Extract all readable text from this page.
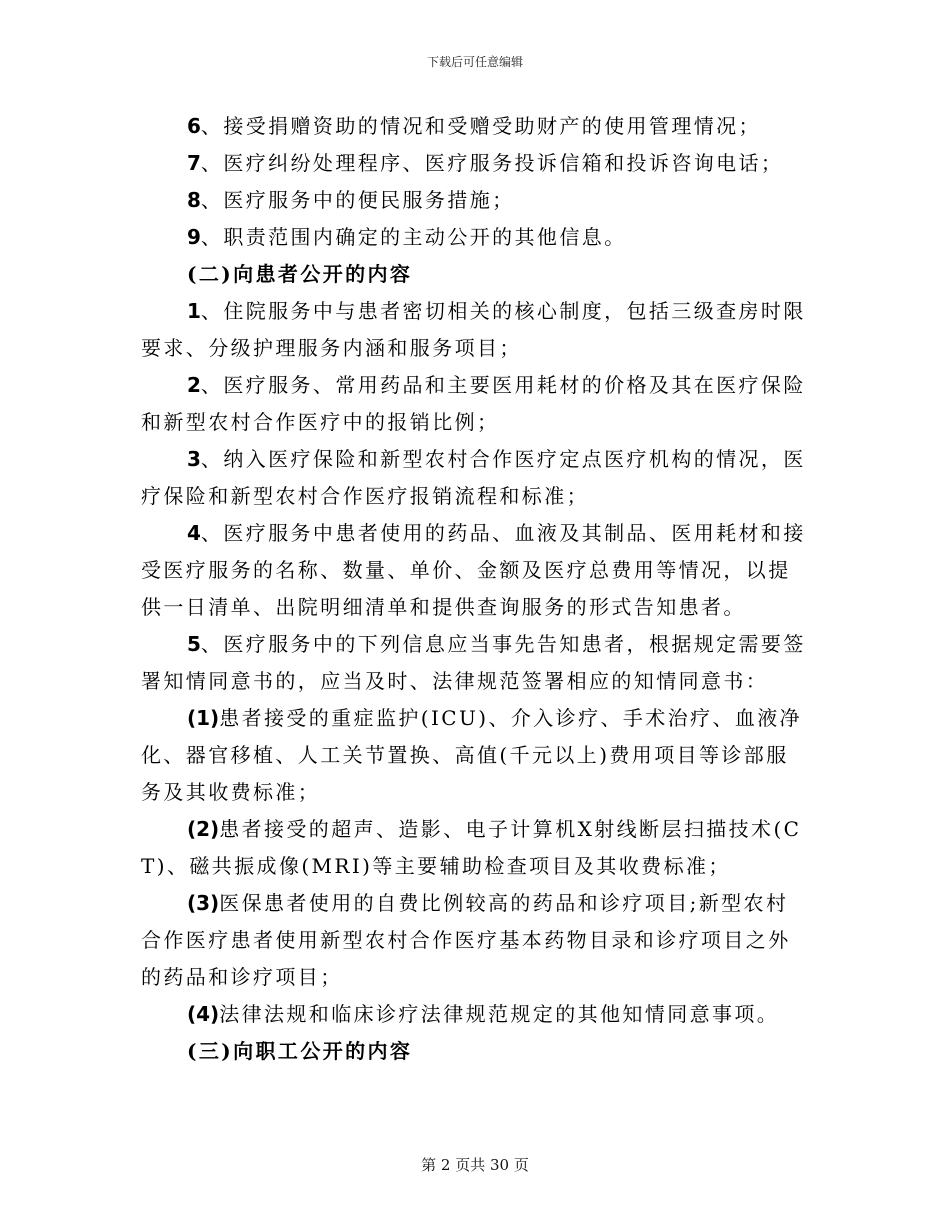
下载后可任意编辑

6、接受捐赠资助的情况和受赠受助财产的使用管理情况；

7、医疗纠纷处理程序、医疗服务投诉信箱和投诉咨询电话；

8、医疗服务中的便民服务措施；

9、职责范围内确定的主动公开的其他信息。

(二)向患者公开的内容

1、住院服务中与患者密切相关的核心制度，包括三级查房时限要求、分级护理服务内涵和服务项目；

2、医疗服务、常用药品和主要医用耗材的价格及其在医疗保险和新型农村合作医疗中的报销比例；

3、纳入医疗保险和新型农村合作医疗定点医疗机构的情况，医疗保险和新型农村合作医疗报销流程和标准；

4、医疗服务中患者使用的药品、血液及其制品、医用耗材和接受医疗服务的名称、数量、单价、金额及医疗总费用等情况，以提供一日清单、出院明细清单和提供查询服务的形式告知患者。

5、医疗服务中的下列信息应当事先告知患者，根据规定需要签署知情同意书的，应当及时、法律规范签署相应的知情同意书：

(1)患者接受的重症监护(ICU)、介入诊疗、手术治疗、血液净化、器官移植、人工关节置换、高值(千元以上)费用项目等诊部服务及其收费标准；

(2)患者接受的超声、造影、电子计算机X射线断层扫描技术(CT)、磁共振成像(MRI)等主要辅助检查项目及其收费标准；

(3)医保患者使用的自费比例较高的药品和诊疗项目;新型农村合作医疗患者使用新型农村合作医疗基本药物目录和诊疗项目之外的药品和诊疗项目；

(4)法律法规和临床诊疗法律规范规定的其他知情同意事项。

(三)向职工公开的内容

第 2 页共 30 页
